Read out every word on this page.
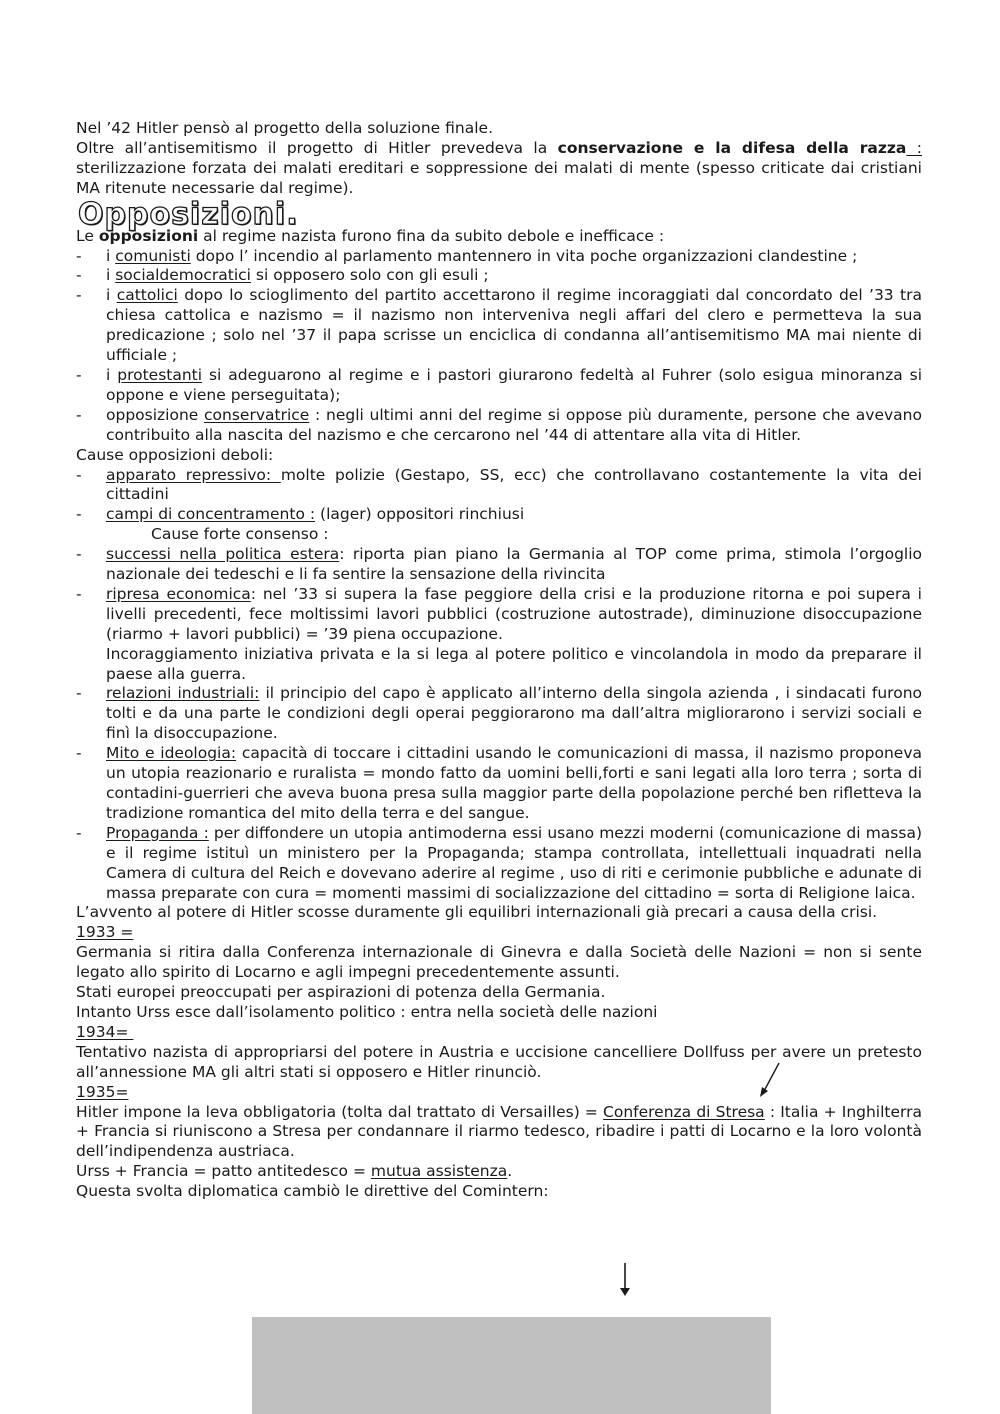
Nel ’42 Hitler pensò al progetto della soluzione finale.

Oltre all’antisemitismo il progetto di Hitler prevedeva la conservazione e la difesa della razza : sterilizzazione forzata dei malati ereditari e soppressione dei malati di mente (spesso criticate dai cristiani MA ritenute necessarie dal regime).

Opposizioni.

Le opposizioni al regime nazista furono fina da subito debole e inefficace :

- i comunisti dopo l’ incendio al parlamento mantennero in vita poche organizzazioni clandestine ;
- i socialdemocratici si opposero solo con gli esuli ;
- i cattolici dopo lo scioglimento del partito accettarono il regime incoraggiati dal concordato del ’33 tra chiesa cattolica e nazismo = il nazismo non interveniva negli affari del clero e permetteva la sua predicazione ; solo nel ’37 il papa scrisse un enciclica di condanna all’antisemitismo MA mai niente di ufficiale ;
- i protestanti si adeguarono al regime e i pastori giurarono fedeltà al Fuhrer (solo esigua minoranza si oppone e viene perseguitata);
- opposizione conservatrice : negli ultimi anni del regime si oppose più duramente, persone che avevano contribuito alla nascita del nazismo e che cercarono nel ’44 di attentare alla vita di Hitler.

Cause opposizioni deboli:

- apparato repressivo: molte polizie (Gestapo, SS, ecc) che controllavano costantemente la vita dei cittadini
- campi di concentramento : (lager) oppositori rinchiusi

Cause forte consenso :

- successi nella politica estera: riporta pian piano la Germania al TOP come prima, stimola l’orgoglio nazionale dei tedeschi e li fa sentire la sensazione della rivincita
- ripresa economica: nel ’33 si supera la fase peggiore della crisi e la produzione ritorna e poi supera i livelli precedenti, fece moltissimi lavori pubblici (costruzione autostrade), diminuzione disoccupazione (riarmo + lavori pubblici) = ’39 piena occupazione.
Incoraggiamento iniziativa privata e la si lega al potere politico e vincolandola in modo da preparare il paese alla guerra.
- relazioni industriali: il principio del capo è applicato all’interno della singola azienda , i sindacati furono tolti e da una parte le condizioni degli operai peggiorarono ma dall’altra migliorarono i servizi sociali e finì la disoccupazione.
- Mito e ideologia: capacità di toccare i cittadini usando le comunicazioni di massa, il nazismo proponeva un utopia reazionario e ruralista = mondo fatto da uomini belli,forti e sani legati alla loro terra ; sorta di contadini-guerrieri che aveva buona presa sulla maggior parte della popolazione perché ben rifletteva la tradizione romantica del mito della terra e del sangue.
- Propaganda : per diffondere un utopia antimoderna essi usano mezzi moderni (comunicazione di massa) e il regime istituì un ministero per la Propaganda; stampa controllata, intellettuali inquadrati nella Camera di cultura del Reich e dovevano aderire al regime , uso di riti e cerimonie pubbliche e adunate di massa preparate con cura = momenti massimi di socializzazione del cittadino = sorta di Religione laica.

L’avvento al potere di Hitler scosse duramente gli equilibri internazionali già precari a causa della crisi.

1933 =

Germania si ritira dalla Conferenza internazionale di Ginevra e dalla Società delle Nazioni = non si sente legato allo spirito di Locarno e agli impegni precedentemente assunti.

Stati europei preoccupati per aspirazioni di potenza della Germania.

Intanto Urss esce dall’isolamento politico : entra nella società delle nazioni

1934=

Tentativo nazista di appropriarsi del potere in Austria e uccisione cancelliere Dollfuss per avere un pretesto all’annessione MA gli altri stati si opposero e Hitler rinunciò.

1935=

Hitler impone la leva obbligatoria (tolta dal trattato di Versailles) = Conferenza di Stresa : Italia + Inghilterra + Francia si riuniscono a Stresa per condannare il riarmo tedesco, ribadire i patti di Locarno e la loro volontà dell’indipendenza austriaca.

Urss + Francia = patto antitedesco = mutua assistenza.

Questa svolta diplomatica cambiò le direttive del Comintern:
